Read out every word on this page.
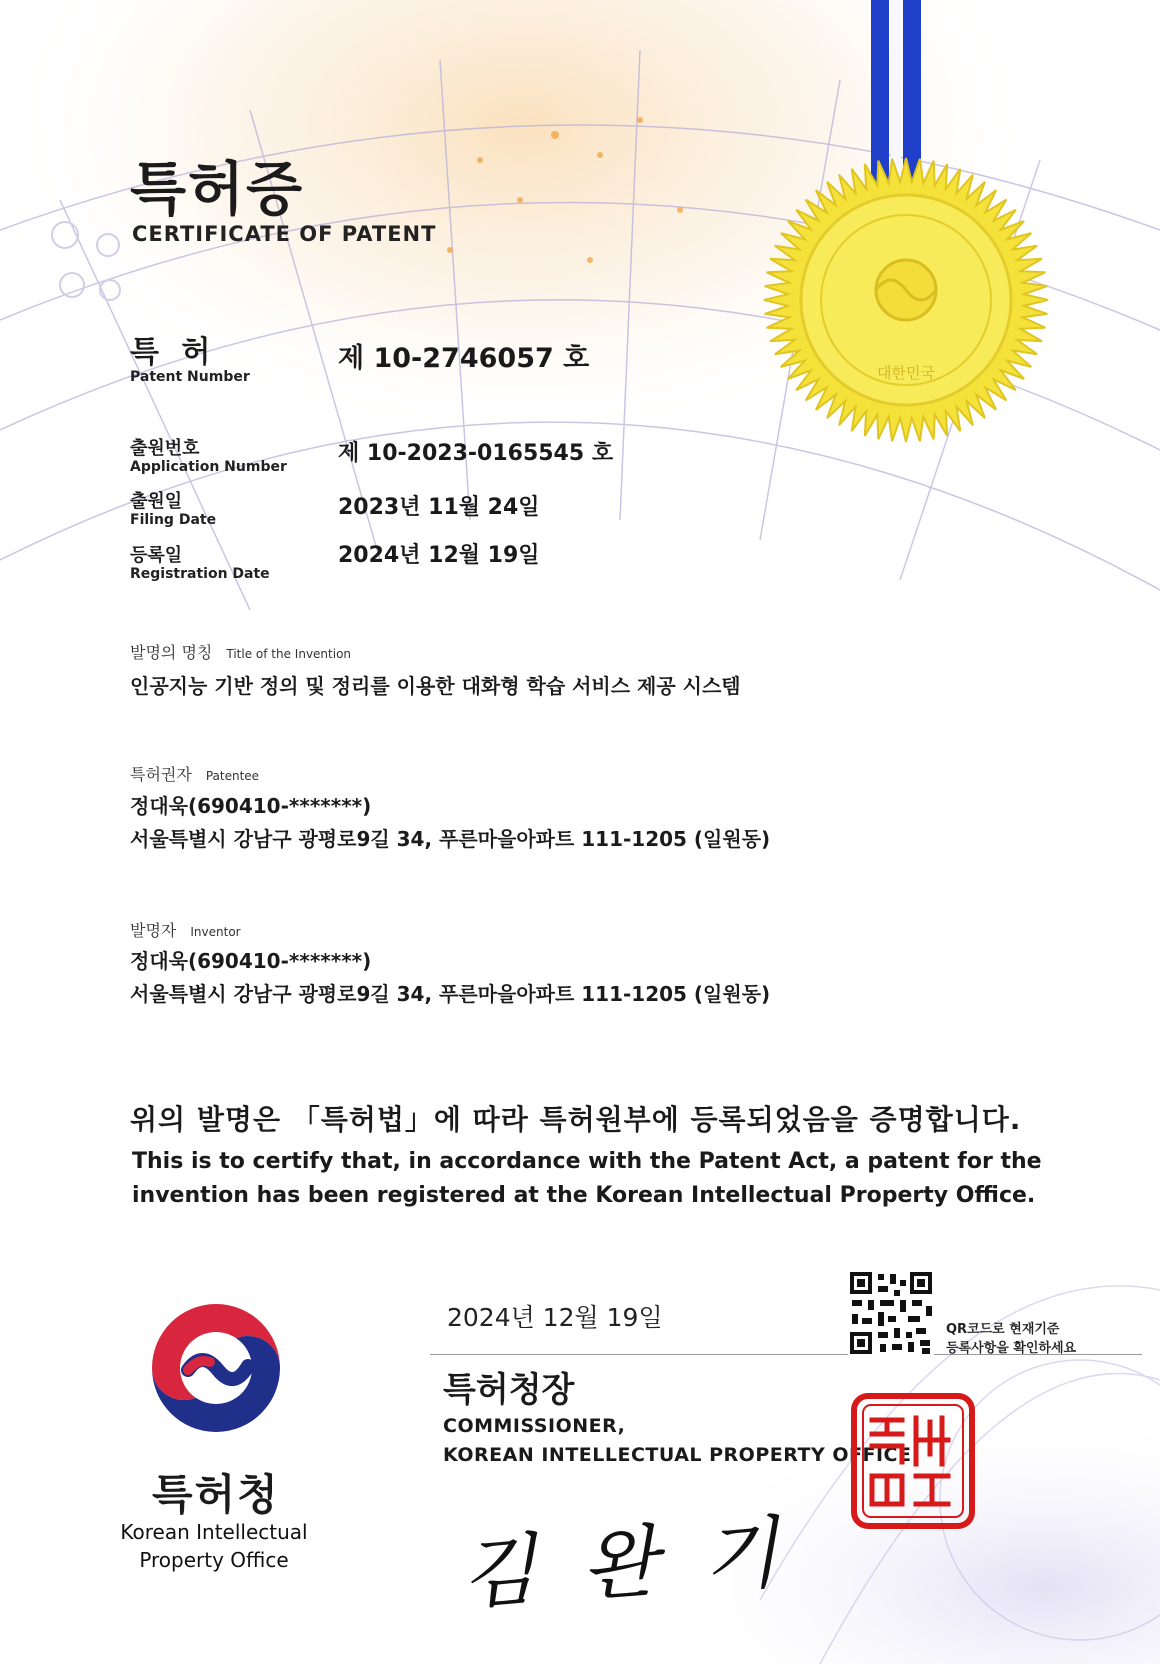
대한민국
특허증
CERTIFICATE OF PATENT
특 허
Patent Number
제 10-2746057 호
출원번호
Application Number
제 10-2023-0165545 호
출원일
Filing Date	2023년 11월 24일
등록일
Registration Date
2024년 12월 19일
발명의 명칭 Title of the Invention
인공지능 기반 정의 및 정리를 이용한 대화형 학습 서비스 제공 시스템
특허권자 Patentee
정대욱(690410-*******)
서울특별시 강남구 광평로9길 34, 푸른마을아파트 111-1205 (일원동)
발명자 Inventor
정대욱(690410-*******)
서울특별시 강남구 광평로9길 34, 푸른마을아파트 111-1205 (일원동)
위의 발명은 「특허법」에 따라 특허원부에 등록되었음을 증명합니다.
This is to certify that, in accordance with the Patent Act, a patent for the
invention has been registered at the Korean Intellectual Property Office.
2024년 12월 19일
특허청장
COMMISSIONER,
KOREAN INTELLECTUAL PROPERTY OFFICE
김완기
QR코드로 현재기준
등록사항을 확인하세요
특허청
Korean Intellectual
Property Office
